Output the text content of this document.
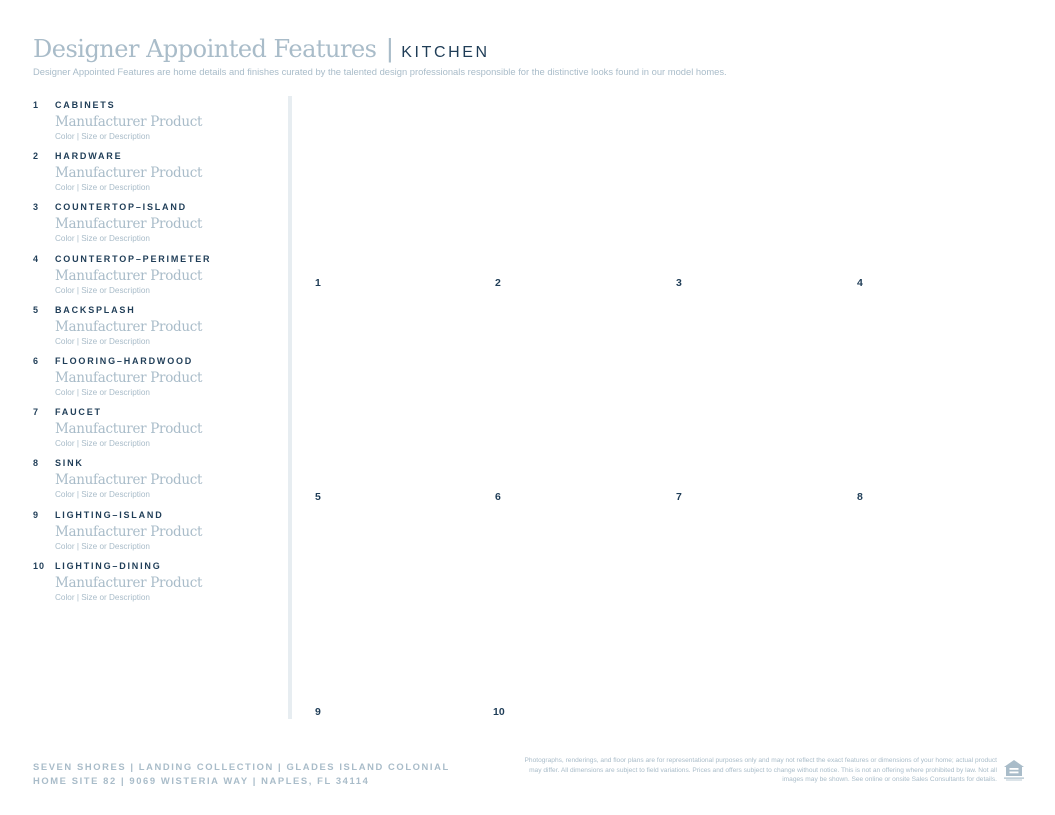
Designer Appointed Features | KITCHEN
Designer Appointed Features are home details and finishes curated by the talented design professionals responsible for the distinctive looks found in our model homes.
1	CABINETS
Manufacturer Product
Color | Size or Description
2	HARDWARE
Manufacturer Product
Color | Size or Description
3	COUNTERTOP–ISLAND
Manufacturer Product
Color | Size or Description
4	COUNTERTOP–PERIMETER
Manufacturer Product
Color | Size or Description
5	BACKSPLASH
Manufacturer Product
Color | Size or Description
6	FLOORING–HARDWOOD
Manufacturer Product
Color | Size or Description
7	FAUCET
Manufacturer Product
Color | Size or Description
8	SINK
Manufacturer Product
Color | Size or Description
9	LIGHTING–ISLAND
Manufacturer Product
Color | Size or Description
10	LIGHTING–DINING
Manufacturer Product
Color | Size or Description
1	2	3	4
5	6	7	8
9	10
SEVEN SHORES | LANDING COLLECTION | GLADES ISLAND COLONIAL
HOME SITE 82 | 9069 WISTERIA WAY | NAPLES, FL 34114
Photographs, renderings, and floor plans are for representational purposes only and may not reflect the exact features or dimensions of your home; actual product may differ. All dimensions are subject to field variations. Prices and offers subject to change without notice. This is not an offering where prohibited by law. Not all images may be shown. See online or onsite Sales Consultants for details.
